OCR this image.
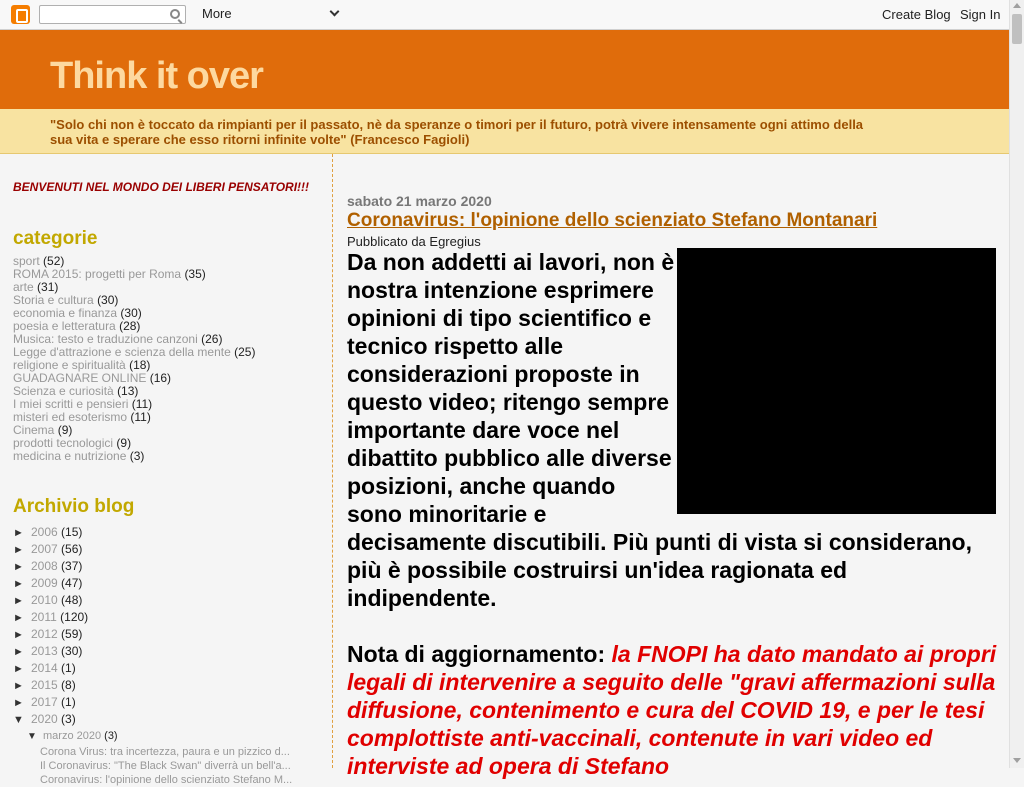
More	Create Blog Sign In
Think it over
"Solo chi non è toccato da rimpianti per il passato, nè da speranze o timori per il futuro, potrà vivere intensamente ogni attimo della sua vita e sperare che esso ritorni infinite volte" (Francesco Fagioli)
BENVENUTI NEL MONDO DEI LIBERI PENSATORI!!!
categorie
sport (52)
ROMA 2015: progetti per Roma (35)
arte (31)
Storia e cultura (30)
economia e finanza (30)
poesia e letteratura (28)
Musica: testo e traduzione canzoni (26)
Legge d'attrazione e scienza della mente (25)
religione e spiritualità (18)
GUADAGNARE ONLINE (16)
Scienza e curiosità (13)
I miei scritti e pensieri (11)
misteri ed esoterismo (11)
Cinema (9)
prodotti tecnologici (9)
medicina e nutrizione (3)
Archivio blog
► 2006 (15)
► 2007 (56)
► 2008 (37)
► 2009 (47)
► 2010 (48)
► 2011 (120)
► 2012 (59)
► 2013 (30)
► 2014 (1)
► 2015 (8)
► 2017 (1)
▼ 2020 (3)
▼ marzo 2020 (3)
Corona Virus: tra incertezza, paura e un pizzico d...
Il Coronavirus: "The Black Swan" diverrà un bell'a...
Coronavirus: l'opinione dello scienziato Stefano M...
sabato 21 marzo 2020
Coronavirus: l'opinione dello scienziato Stefano Montanari
Pubblicato da Egregius
Da non addetti ai lavori, non è nostra intenzione esprimere opinioni di tipo scientifico e tecnico rispetto alle considerazioni proposte in questo video; ritengo sempre importante dare voce nel dibattito pubblico alle diverse posizioni, anche quando sono minoritarie e decisamente discutibili. Più punti di vista si considerano, più è possibile costruirsi un'idea ragionata ed indipendente.

Nota di aggiornamento: la FNOPI ha dato mandato ai propri legali di intervenire a seguito delle "gravi affermazioni sulla diffusione, contenimento e cura del COVID 19, e per le tesi complottiste anti-vaccinali, contenute in vari video ed interviste ad opera di Stefano
